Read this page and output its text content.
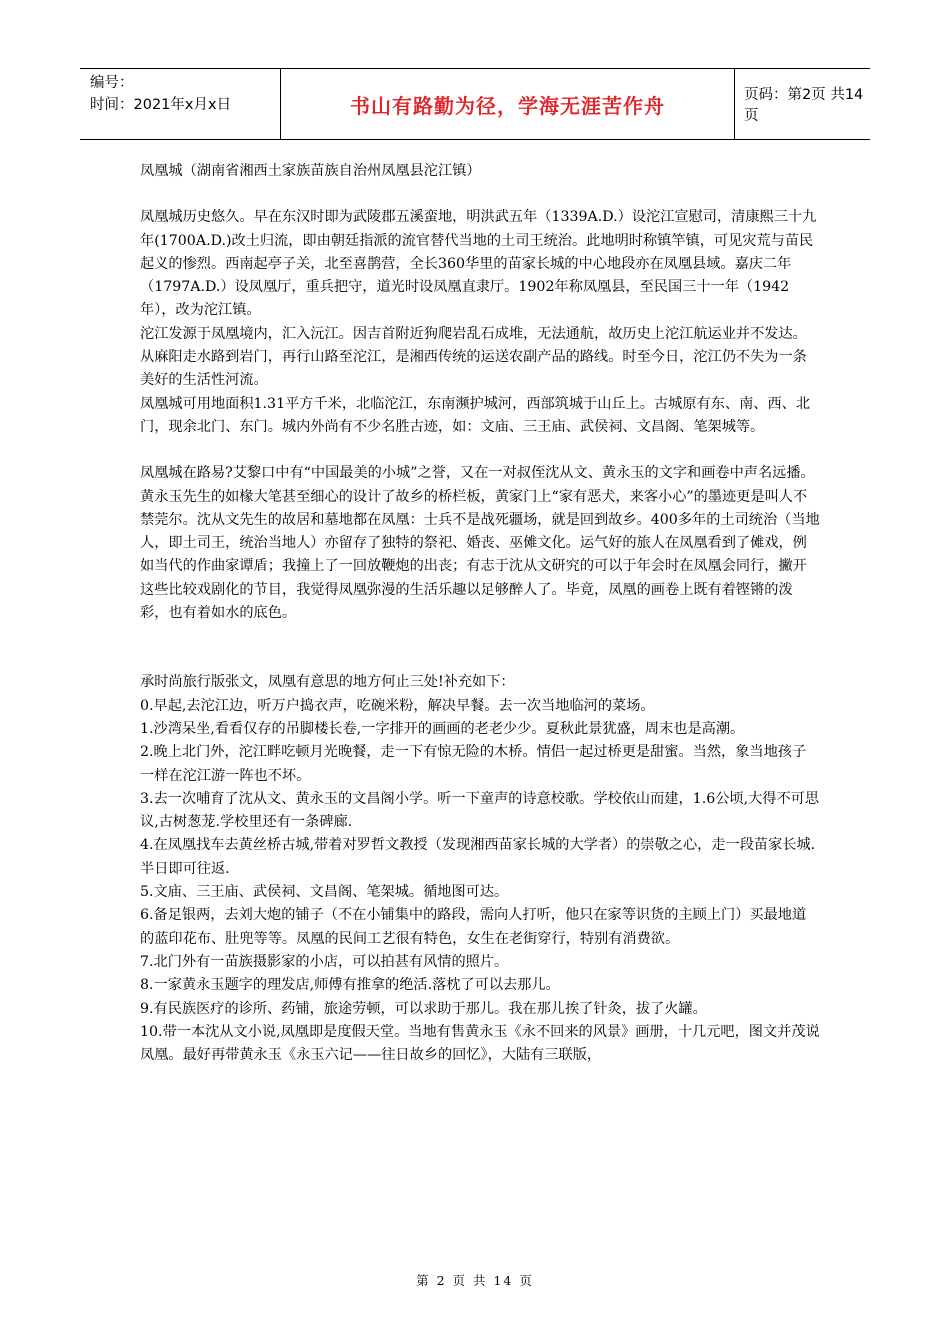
编号：
时间：2021年x月x日	书山有路勤为径，学海无涯苦作舟	页码：第2页 共14页

凤凰城（湖南省湘西土家族苗族自治州凤凰县沱江镇）

凤凰城历史悠久。早在东汉时即为武陵郡五溪蛮地，明洪武五年（1339A.D.）设沱江宣慰司，清康熙三十九年(1700A.D.)改土归流，即由朝廷指派的流官替代当地的土司王统治。此地明时称镇竿镇，可见灾荒与苗民起义的惨烈。西南起亭子关，北至喜鹊营，全长360华里的苗家长城的中心地段亦在凤凰县域。嘉庆二年（1797A.D.）设凤凰厅，重兵把守，道光时设凤凰直隶厅。1902年称凤凰县，至民国三十一年（1942年），改为沱江镇。

沱江发源于凤凰境内，汇入沅江。因吉首附近狗爬岩乱石成堆，无法通航，故历史上沱江航运业并不发达。从麻阳走水路到岩门，再行山路至沱江，是湘西传统的运送农副产品的路线。时至今日，沱江仍不失为一条美好的生活性河流。

凤凰城可用地面积1.31平方千米，北临沱江，东南濒护城河，西部筑城于山丘上。古城原有东、南、西、北门，现余北门、东门。城内外尚有不少名胜古迹，如：文庙、三王庙、武侯祠、文昌阁、笔架城等。

凤凰城在路易?艾黎口中有“中国最美的小城”之誉，又在一对叔侄沈从文、黄永玉的文字和画卷中声名远播。黄永玉先生的如椽大笔甚至细心的设计了故乡的桥栏板，黄家门上“家有恶犬，来客小心”的墨迹更是叫人不禁莞尔。沈从文先生的故居和墓地都在凤凰：士兵不是战死疆场，就是回到故乡。400多年的土司统治（当地人，即土司王，统治当地人）亦留存了独特的祭祀、婚丧、巫傩文化。运气好的旅人在凤凰看到了傩戏，例如当代的作曲家谭盾；我撞上了一回放鞭炮的出丧；有志于沈从文研究的可以于年会时在凤凰会同行，撇开这些比较戏剧化的节目，我觉得凤凰弥漫的生活乐趣以足够醉人了。毕竟，凤凰的画卷上既有着铿锵的泼彩，也有着如水的底色。

承时尚旅行版张文，凤凰有意思的地方何止三处!补充如下：

0.早起,去沱江边，听万户捣衣声，吃碗米粉，解决早餐。去一次当地临河的菜场。

1.沙湾呆坐,看看仅存的吊脚楼长卷,一字排开的画画的老老少少。夏秋此景犹盛，周末也是高潮。

2.晚上北门外，沱江畔吃顿月光晚餐，走一下有惊无险的木桥。情侣一起过桥更是甜蜜。当然，象当地孩子一样在沱江游一阵也不坏。

3.去一次哺育了沈从文、黄永玉的文昌阁小学。听一下童声的诗意校歌。学校依山而建，1.6公顷,大得不可思议,古树葱茏.学校里还有一条碑廊.

4.在凤凰找车去黄丝桥古城,带着对罗哲文教授（发现湘西苗家长城的大学者）的崇敬之心，走一段苗家长城.半日即可往返.

5.文庙、三王庙、武侯祠、文昌阁、笔架城。循地图可达。

6.备足银两，去刘大炮的铺子（不在小铺集中的路段，需向人打听，他只在家等识货的主顾上门）买最地道的蓝印花布、肚兜等等。凤凰的民间工艺很有特色，女生在老街穿行，特别有消费欲。

7.北门外有一苗族摄影家的小店，可以拍甚有风情的照片。

8.一家黄永玉题字的理发店,师傅有推拿的绝活.落枕了可以去那儿。

9.有民族医疗的诊所、药铺，旅途劳顿，可以求助于那儿。我在那儿挨了针灸，拔了火罐。

10.带一本沈从文小说,凤凰即是度假天堂。当地有售黄永玉《永不回来的风景》画册，十几元吧，图文并茂说凤凰。最好再带黄永玉《永玉六记——往日故乡的回忆》，大陆有三联版，

第 2 页 共 14 页
